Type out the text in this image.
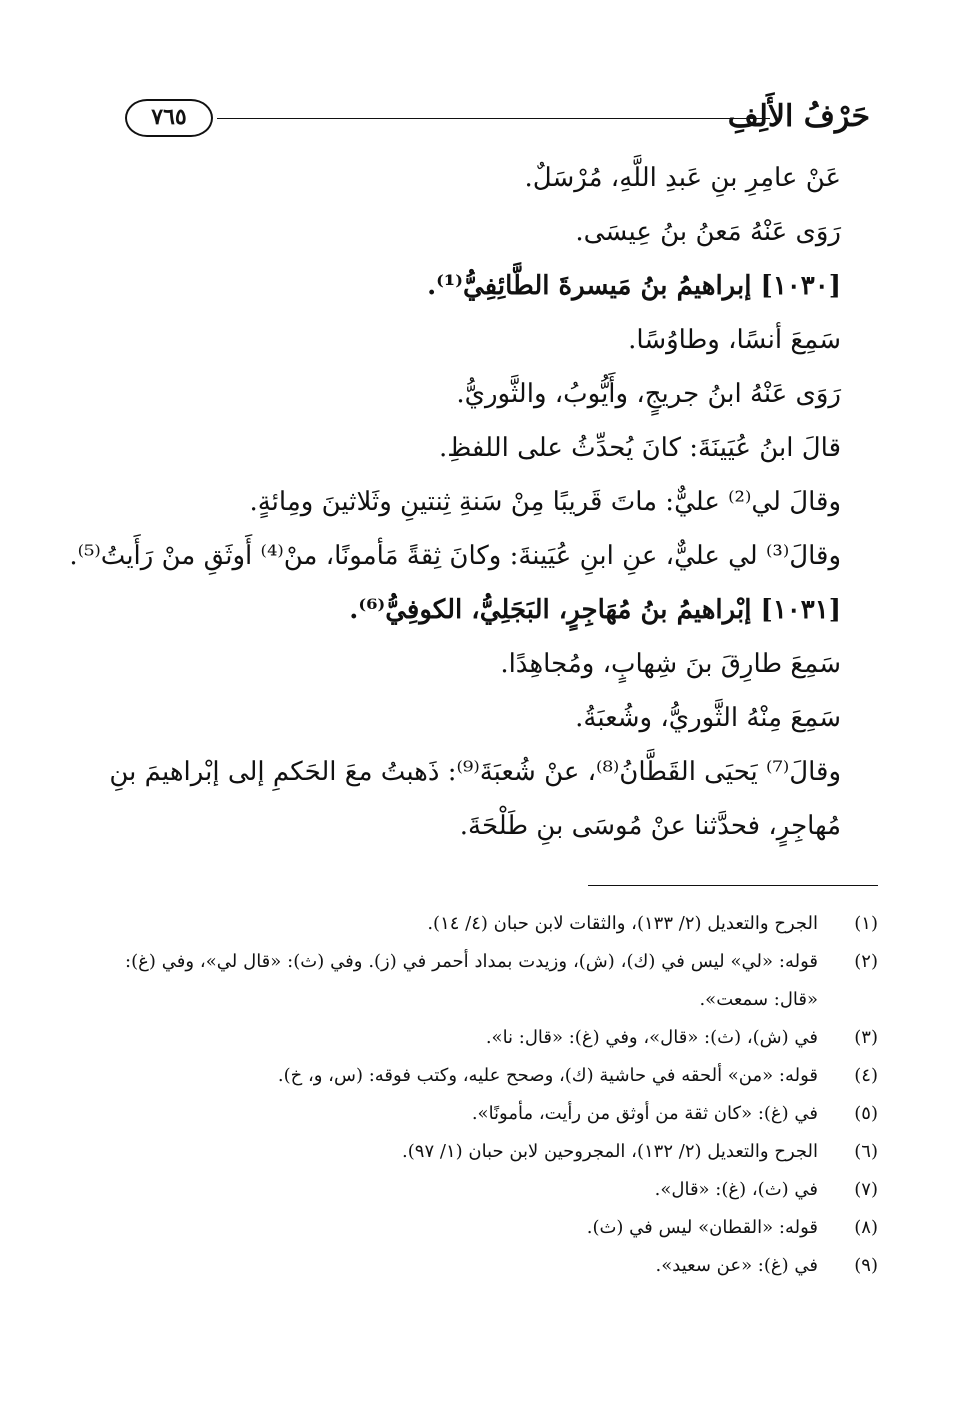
حَرْفُ الأَلِفِ
٧٦٥
عَنْ عامِرِ بنِ عَبدِ اللَّهِ، مُرْسَلٌ.
رَوَى عَنْهُ مَعنُ بنُ عِيسَى.
[١٠٣٠] إبراهيمُ بنُ مَيسرةَ الطَّائِفِيُّ⁽¹⁾.
سَمِعَ أنسًا، وطاوُسًا.
رَوَى عَنْهُ ابنُ جريجٍ، وأَيُّوبُ، والثَّوريُّ.
قالَ ابنُ عُيَينَةَ: كانَ يُحدِّثُ على اللفظِ.
وقالَ لي⁽²⁾ عليٌّ: ماتَ قَريبًا مِنْ سَنةِ ثِنتينِ وثَلاثينَ ومِائةٍ.
وقالَ⁽³⁾ لي عليٌّ، عنِ ابنِ عُيَينةَ: وكانَ ثِقةً مَأمونًا، منْ⁽⁴⁾ أَوثَقِ منْ رَأَيتُ⁽⁵⁾.
[١٠٣١] إبْراهيمُ بنُ مُهَاجِرٍ، البَجَلِيُّ، الكوفِيُّ⁽⁶⁾.
سَمِعَ طارِقَ بنَ شِهابٍ، ومُجاهِدًا.
سَمِعَ مِنْهُ الثَّوريُّ، وشُعبَةُ.
وقالَ⁽⁷⁾ يَحيَى القَطَّانُ⁽⁸⁾، عنْ شُعبَةَ⁽⁹⁾: ذَهبتُ معَ الحَكمِ إلى إبْراهيمَ بنِ
مُهاجِرٍ، فحدَّثنا عنْ مُوسَى بنِ طَلْحَةَ.
(١)
الجرح والتعديل (٢/ ١٣٣)، والثقات لابن حبان (٤/ ١٤).
(٢)
قوله: «لي» ليس في (ك)، (ش)، وزيدت بمداد أحمر في (ز). وفي (ث): «قال لي»، وفي (غ): «قال: سمعت».
(٣)
في (ش)، (ث): «قال»، وفي (غ): «قال: نا».
(٤)
قوله: «من» ألحقه في حاشية (ك)، وصحح عليه، وكتب فوقه: (س، و، خ).
(٥)
في (غ): «كان ثقة من أوثق من رأيت، مأمونًا».
(٦)
الجرح والتعديل (٢/ ١٣٢)، المجروحين لابن حبان (١/ ٩٧).
(٧)
في (ث)، (غ): «قال».
(٨)
قوله: «القطان» ليس في (ث).
(٩)
في (غ): «عن سعيد».
